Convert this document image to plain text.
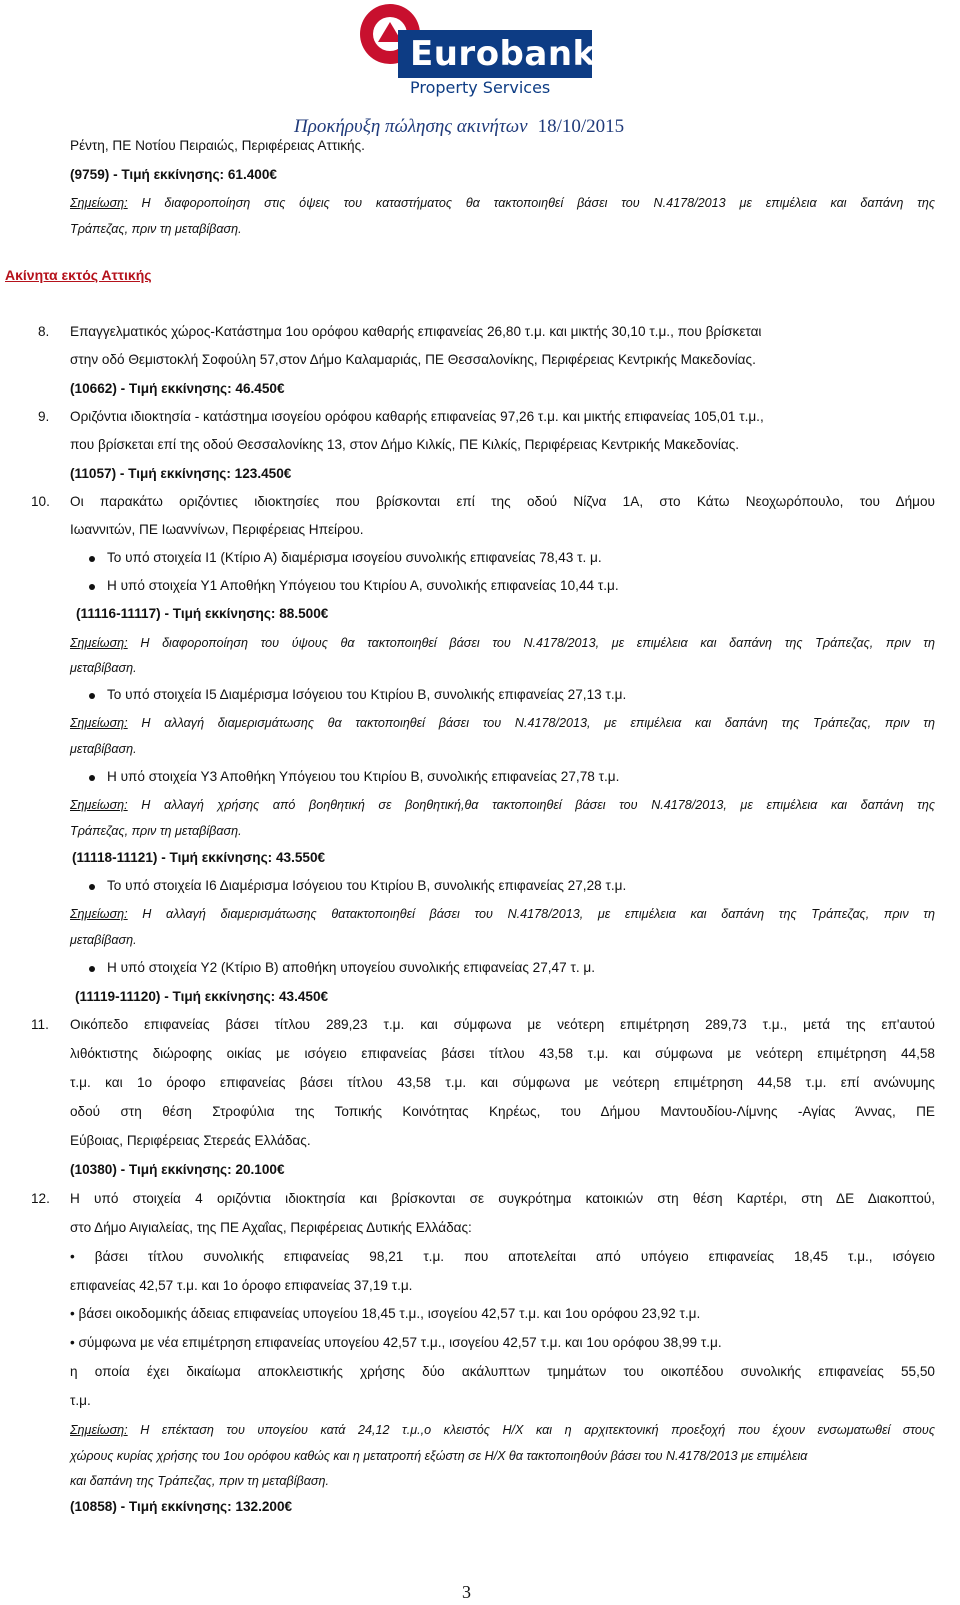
Eurobank
Property Services
Προκήρυξη πώλησης ακινήτων 18/10/2015
Ρέντη, ΠΕ Νοτίου Πειραιώς, Περιφέρειας Αττικής.
(9759) - Τιμή εκκίνησης: 61.400€
Σημείωση: Η διαφοροποίηση στις όψεις του καταστήματος θα τακτοποιηθεί βάσει του Ν.4178/2013 με επιμέλεια και δαπάνη της
Τράπεζας, πριν τη μεταβίβαση.
Ακίνητα εκτός Αττικής
8. Επαγγελματικός χώρος-Κατάστημα 1ου ορόφου καθαρής επιφανείας 26,80 τ.μ. και μικτής 30,10 τ.μ., που βρίσκεται
στην οδό Θεμιστοκλή Σοφούλη 57,στον Δήμο Καλαμαριάς, ΠΕ Θεσσαλονίκης, Περιφέρειας Κεντρικής Μακεδονίας.
(10662) - Τιμή εκκίνησης: 46.450€
9. Οριζόντια ιδιοκτησία - κατάστημα ισογείου ορόφου καθαρής επιφανείας 97,26 τ.μ. και μικτής επιφανείας 105,01 τ.μ.,
που βρίσκεται επί της οδού Θεσσαλονίκης 13, στον Δήμο Κιλκίς, ΠΕ Κιλκίς, Περιφέρειας Κεντρικής Μακεδονίας.
(11057) - Τιμή εκκίνησης: 123.450€
10. Οι παρακάτω οριζόντιες ιδιοκτησίες που βρίσκονται επί της οδού Νίζνα 1Α, στο Κάτω Νεοχωρόπουλο, του Δήμου
Ιωαννιτών, ΠΕ Ιωαννίνων, Περιφέρειας Ηπείρου.
Το υπό στοιχεία Ι1 (Κτίριο Α) διαμέρισμα ισογείου συνολικής επιφανείας 78,43 τ. μ.
Η υπό στοιχεία Υ1 Αποθήκη Υπόγειου του Κτιρίου Α, συνολικής επιφανείας 10,44 τ.μ.
(11116-11117) - Τιμή εκκίνησης: 88.500€
Σημείωση: Η διαφοροποίηση του ύψους θα τακτοποιηθεί βάσει του Ν.4178/2013, με επιμέλεια και δαπάνη της Τράπεζας, πριν τη
μεταβίβαση.
Το υπό στοιχεία Ι5 Διαμέρισμα Ισόγειου του Κτιρίου Β, συνολικής επιφανείας 27,13 τ.μ.
Σημείωση: Η αλλαγή διαμερισμάτωσης θα τακτοποιηθεί βάσει του Ν.4178/2013, με επιμέλεια και δαπάνη της Τράπεζας, πριν τη
μεταβίβαση.
Η υπό στοιχεία Υ3 Αποθήκη Υπόγειου του Κτιρίου Β, συνολικής επιφανείας 27,78 τ.μ.
Σημείωση: Η αλλαγή χρήσης από βοηθητική σε βοηθητική,θα τακτοποιηθεί βάσει του Ν.4178/2013, με επιμέλεια και δαπάνη της
Τράπεζας, πριν τη μεταβίβαση.
(11118-11121) - Τιμή εκκίνησης: 43.550€
Το υπό στοιχεία Ι6 Διαμέρισμα Ισόγειου του Κτιρίου Β, συνολικής επιφανείας 27,28 τ.μ.
Σημείωση: Η αλλαγή διαμερισμάτωσης θατακτοποιηθεί βάσει του Ν.4178/2013, με επιμέλεια και δαπάνη της Τράπεζας, πριν τη
μεταβίβαση.
Η υπό στοιχεία Υ2 (Κτίριο Β) αποθήκη υπογείου συνολικής επιφανείας 27,47 τ. μ.
(11119-11120) - Τιμή εκκίνησης: 43.450€
11. Οικόπεδο επιφανείας βάσει τίτλου 289,23 τ.μ. και σύμφωνα με νεότερη επιμέτρηση 289,73 τ.μ., μετά της επ'αυτού
λιθόκτιστης διώροφης οικίας με ισόγειο επιφανείας βάσει τίτλου 43,58 τ.μ. και σύμφωνα με νεότερη επιμέτρηση 44,58
τ.μ. και 1ο όροφο επιφανείας βάσει τίτλου 43,58 τ.μ. και σύμφωνα με νεότερη επιμέτρηση 44,58 τ.μ. επί ανώνυμης
οδού στη θέση Στροφύλια της Τοπικής Κοινότητας Κηρέως, του Δήμου Μαντουδίου-Λίμνης -Αγίας Άννας, ΠΕ
Εύβοιας, Περιφέρειας Στερεάς Ελλάδας.
(10380) - Τιμή εκκίνησης: 20.100€
12. Η υπό στοιχεία 4 οριζόντια ιδιοκτησία και βρίσκονται σε συγκρότημα κατοικιών στη θέση Καρτέρι, στη ΔΕ Διακοπτού,
στο Δήμο Αιγιαλείας, της ΠΕ Αχαΐας, Περιφέρειας Δυτικής Ελλάδας:
• βάσει τίτλου συνολικής επιφανείας 98,21 τ.μ. που αποτελείται από υπόγειο επιφανείας 18,45 τ.μ., ισόγειο
επιφανείας 42,57 τ.μ. και 1ο όροφο επιφανείας 37,19 τ.μ.
• βάσει οικοδομικής άδειας επιφανείας υπογείου 18,45 τ.μ., ισογείου 42,57 τ.μ. και 1ου ορόφου 23,92 τ.μ.
• σύμφωνα με νέα επιμέτρηση επιφανείας υπογείου 42,57 τ.μ., ισογείου 42,57 τ.μ. και 1ου ορόφου 38,99 τ.μ.
η οποία έχει δικαίωμα αποκλειστικής χρήσης δύο ακάλυπτων τμημάτων του οικοπέδου συνολικής επιφανείας 55,50
τ.μ.
Σημείωση: Η επέκταση του υπογείου κατά 24,12 τ.μ.,ο κλειστός Η/Χ και η αρχιτεκτονική προεξοχή που έχουν ενσωματωθεί στους
χώρους κυρίας χρήσης του 1ου ορόφου καθώς και η μετατροπή εξώστη σε Η/Χ θα τακτοποιηθούν βάσει του Ν.4178/2013 με επιμέλεια
και δαπάνη της Τράπεζας, πριν τη μεταβίβαση.
(10858) - Τιμή εκκίνησης: 132.200€
3
